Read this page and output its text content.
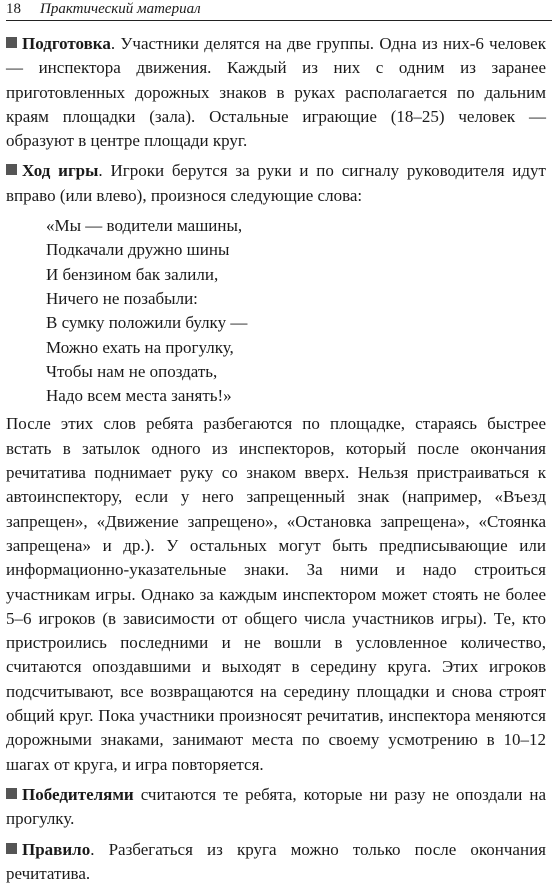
18 Практический материал

Подготовка. Участники делятся на две группы. Одна из них-6 человек — инспектора движения. Каждый из них с одним из заранее приготовленных дорожных знаков в руках располагается по дальним краям площадки (зала). Остальные играющие (18–25) человек — образуют в центре площади круг.

Ход игры. Игроки берутся за руки и по сигналу руководителя идут вправо (или влево), произнося следующие слова:

«Мы — водители машины,
Подкачали дружно шины
И бензином бак залили,
Ничего не позабыли:
В сумку положили булку —
Можно ехать на прогулку,
Чтобы нам не опоздать,
Надо всем места занять!»

После этих слов ребята разбегаются по площадке, стараясь быстрее встать в затылок одного из инспекторов, который после окончания речитатива поднимает руку со знаком вверх. Нельзя пристраиваться к автоинспектору, если у него запрещенный знак (например, «Въезд запрещен», «Движение запрещено», «Остановка запрещена», «Стоянка запрещена» и др.). У остальных могут быть предписывающие или информационно-указательные знаки. За ними и надо строиться участникам игры. Однако за каждым инспектором может стоять не более 5–6 игроков (в зависимости от общего числа участников игры). Те, кто пристроились последними и не вошли в условленное количество, считаются опоздавшими и выходят в середину круга. Этих игроков подсчитывают, все возвращаются на середину площадки и снова строят общий круг. Пока участники произносят речитатив, инспектора меняются дорожными знаками, занимают места по своему усмотрению в 10–12 шагах от круга, и игра повторяется.

Победителями считаются те ребята, которые ни разу не опоздали на прогулку.

Правило. Разбегаться из круга можно только после окончания речитатива.
